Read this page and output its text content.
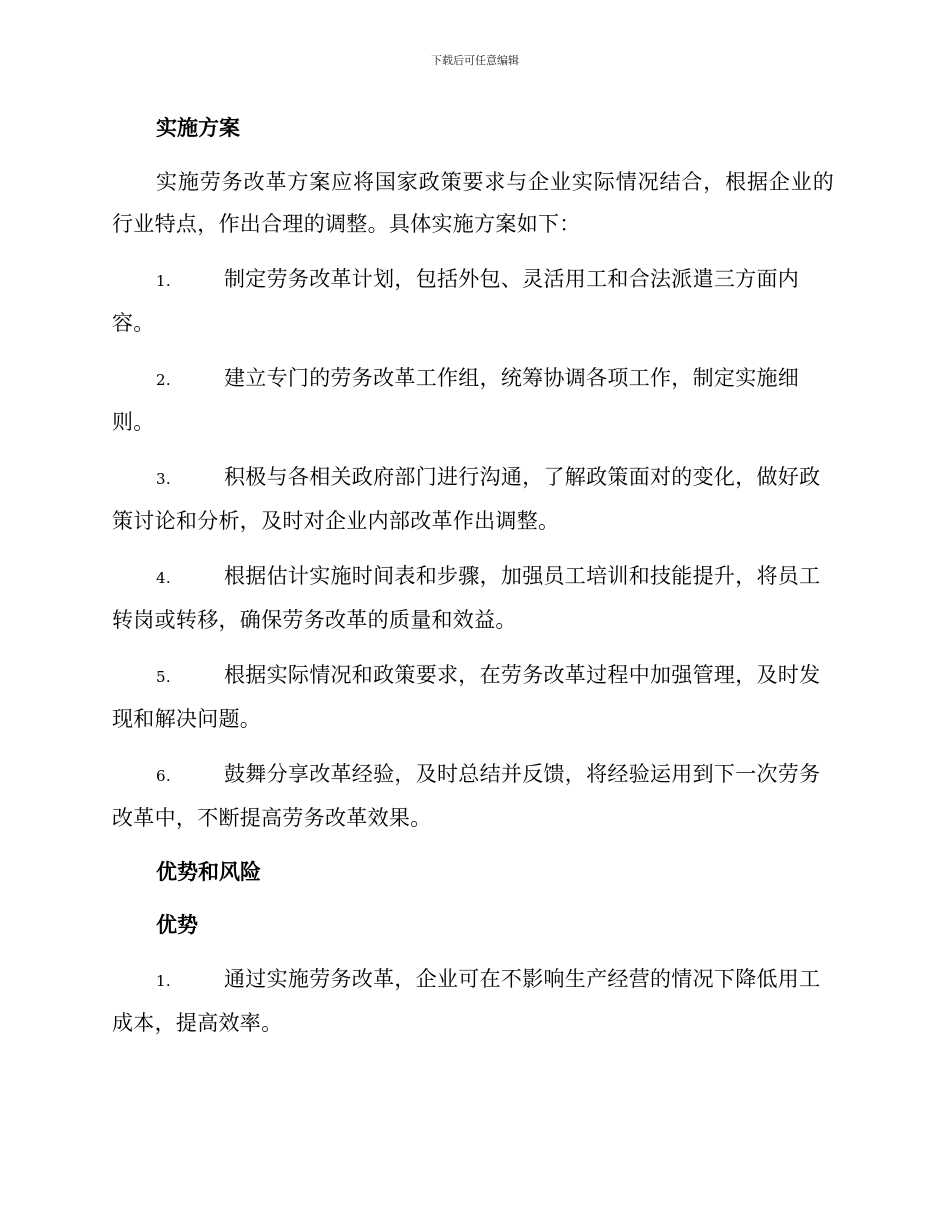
下载后可任意编辑
实施方案

实施劳务改革方案应将国家政策要求与企业实际情况结合，根据企业的行业特点，作出合理的调整。具体实施方案如下：

1.	制定劳务改革计划，包括外包、灵活用工和合法派遣三方面内

容。

2.	建立专门的劳务改革工作组，统筹协调各项工作，制定实施细

则。

3.	积极与各相关政府部门进行沟通，了解政策面对的变化，做好政

策讨论和分析，及时对企业内部改革作出调整。

4.	根据估计实施时间表和步骤，加强员工培训和技能提升，将员工

转岗或转移，确保劳务改革的质量和效益。

5.	根据实际情况和政策要求，在劳务改革过程中加强管理，及时发

现和解决问题。

6.	鼓舞分享改革经验，及时总结并反馈，将经验运用到下一次劳务

改革中，不断提高劳务改革效果。

优势和风险
优势

1.	通过实施劳务改革，企业可在不影响生产经营的情况下降低用工

成本，提高效率。
